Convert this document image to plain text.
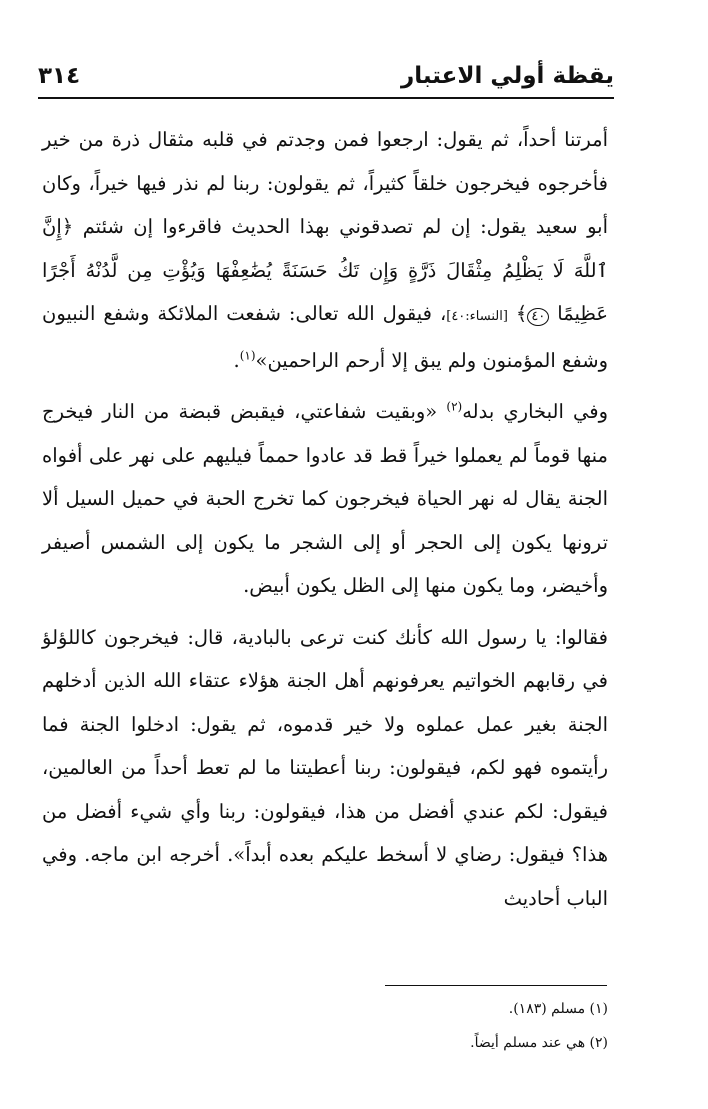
يقظة أولي الاعتبار
٣١٤

أمرتنا أحداً، ثم يقول: ارجعوا فمن وجدتم في قلبه مثقال ذرة من خير فأخرجوه فيخرجون خلقاً كثيراً، ثم يقولون: ربنا لم نذر فيها خيراً، وكان أبو سعيد يقول: إن لم تصدقوني بهذا الحديث فاقرءوا إن شئتم ﴿إِنَّ ٱللَّهَ لَا يَظْلِمُ مِثْقَالَ ذَرَّةٍ وَإِن تَكُ حَسَنَةً يُضَٰعِفْهَا وَيُؤْتِ مِن لَّدُنْهُ أَجْرًا عَظِيمًا ٤٠﴾ [النساء:٤٠]، فيقول الله تعالى: شفعت الملائكة وشفع النبيون وشفع المؤمنون ولم يبق إلا أرحم الراحمين»$^{(١)}$.

وفي البخاري بدله$^{(٢)}$ «وبقيت شفاعتي، فيقبض قبضة من النار فيخرج منها قوماً لم يعملوا خيراً قط قد عادوا حمماً فيليهم على نهر على أفواه الجنة يقال له نهر الحياة فيخرجون كما تخرج الحبة في حميل السيل ألا ترونها يكون إلى الحجر أو إلى الشجر ما يكون إلى الشمس أصيفر وأخيضر، وما يكون منها إلى الظل يكون أبيض.

فقالوا: يا رسول الله كأنك كنت ترعى بالبادية، قال: فيخرجون كاللؤلؤ في رقابهم الخواتيم يعرفونهم أهل الجنة هؤلاء عتقاء الله الذين أدخلهم الجنة بغير عمل عملوه ولا خير قدموه، ثم يقول: ادخلوا الجنة فما رأيتموه فهو لكم، فيقولون: ربنا أعطيتنا ما لم تعط أحداً من العالمين، فيقول: لكم عندي أفضل من هذا، فيقولون: ربنا وأي شيء أفضل من هذا؟ فيقول: رضاي لا أسخط عليكم بعده أبداً». أخرجه ابن ماجه. وفي الباب أحاديث

(١) مسلم (١٨٣).
(٢) هي عند مسلم أيضاً.
